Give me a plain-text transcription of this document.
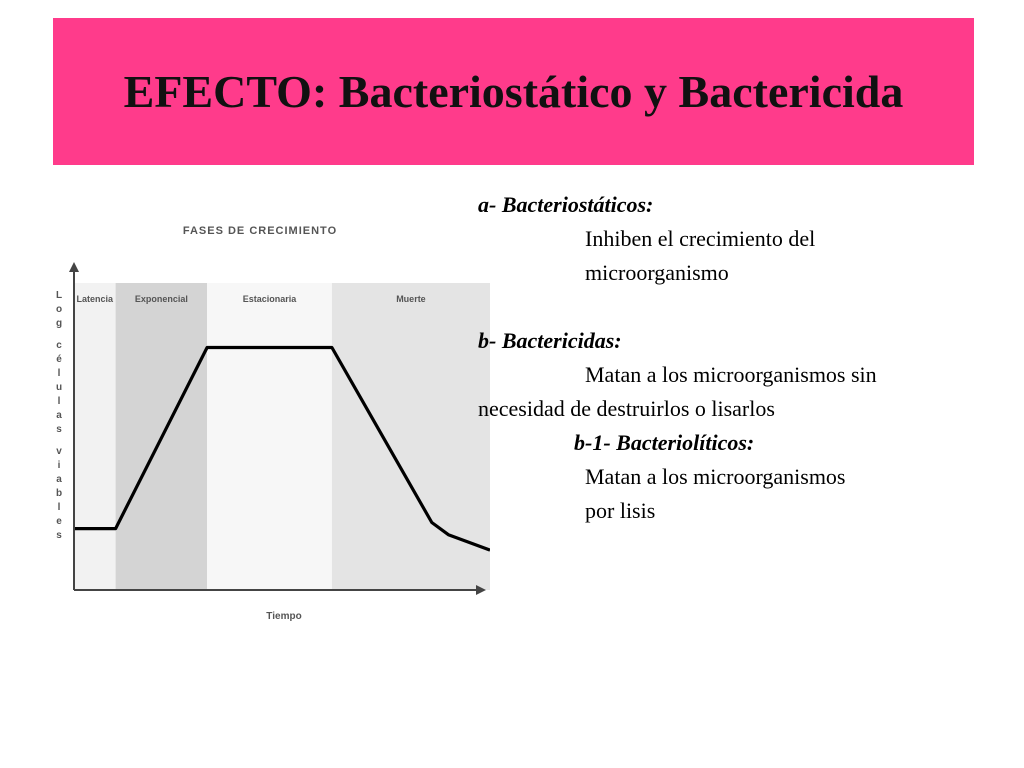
EFECTO: Bacteriostático y Bactericida
Latencia Exponencial	Estacionaria	Muerte
FASES DE CRECIMIENTO
Tiempo
L
o
g
c
é
l
u
l
a
s
v
i
a
b
l
e
s
a- Bacteriostáticos:
Inhiben el crecimiento del
microorganismo
b- Bactericidas:
Matan a los microorganismos sin
necesidad de destruirlos o lisarlos
b-1- Bacteriolíticos:
Matan a los microorganismos
por lisis
